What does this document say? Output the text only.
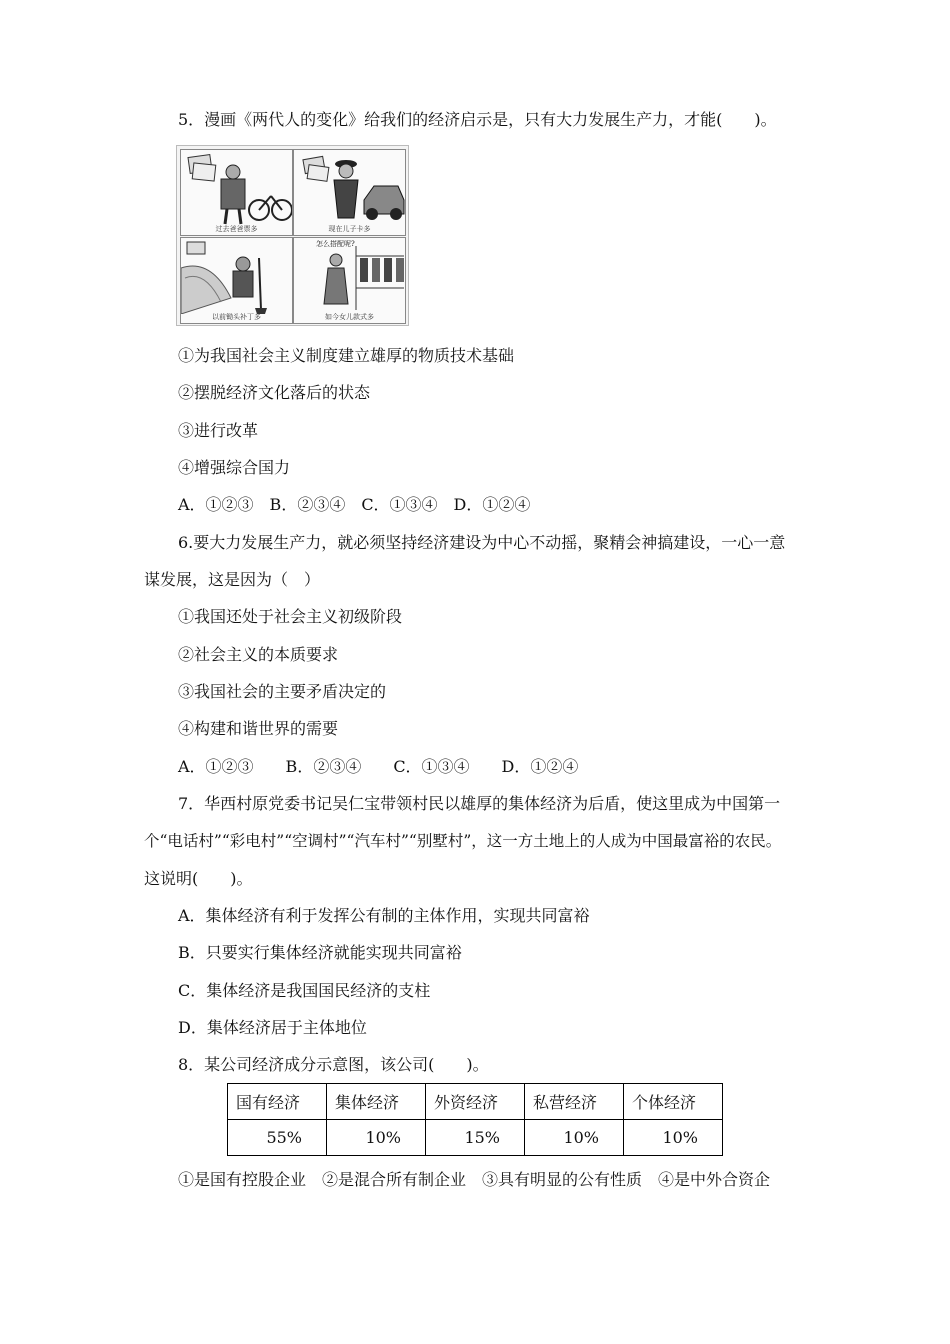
5．漫画《两代人的变化》给我们的经济启示是，只有大力发展生产力，才能(　　)。
过去爸爸票多	现在儿子卡多
以前锄头补丁多
怎么搭配呢?
如今女儿款式多
①为我国社会主义制度建立雄厚的物质技术基础
②摆脱经济文化落后的状态
③进行改革
④增强综合国力
A．①②③　B．②③④　C．①③④　D．①②④
6.要大力发展生产力，就必须坚持经济建设为中心不动摇，聚精会神搞建设，一心一意
谋发展，这是因为（　）
①我国还处于社会主义初级阶段
②社会主义的本质要求
③我国社会的主要矛盾决定的
④构建和谐世界的需要
A．①②③　　B．②③④　　C．①③④　　D．①②④
7．华西村原党委书记吴仁宝带领村民以雄厚的集体经济为后盾，使这里成为中国第一
个“电话村”“彩电村”“空调村”“汽车村”“别墅村”，这一方土地上的人成为中国最富裕的农民。
这说明(　　)。
A．集体经济有利于发挥公有制的主体作用，实现共同富裕
B．只要实行集体经济就能实现共同富裕
C．集体经济是我国国民经济的支柱
D．集体经济居于主体地位
8．某公司经济成分示意图，该公司(　　)。
国有经济	集体经济	外资经济	私营经济	个体经济
55%	10%	15%	10%	10%
①是国有控股企业　②是混合所有制企业　③具有明显的公有性质　④是中外合资企
